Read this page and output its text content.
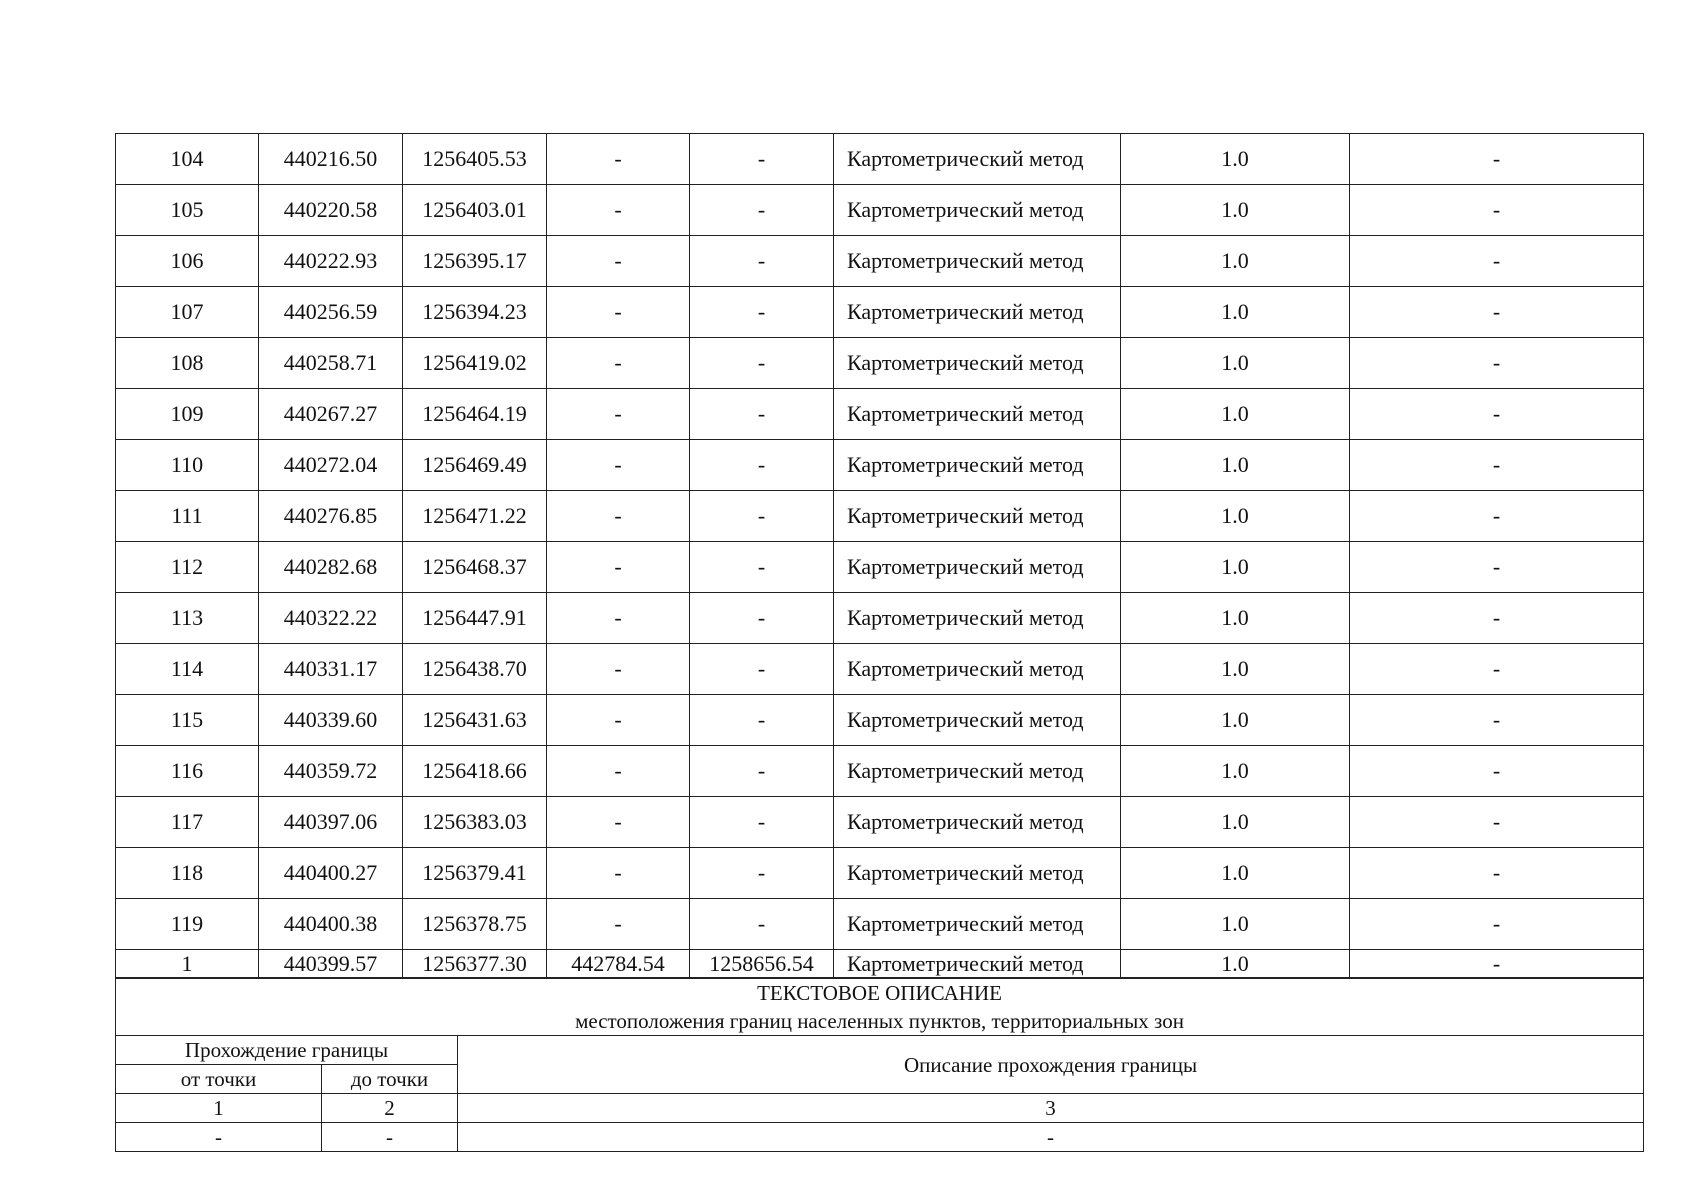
104	440216.50	1256405.53	-	-	Картометрический метод	1.0	-
105	440220.58	1256403.01	-	-	Картометрический метод	1.0	-
106	440222.93	1256395.17	-	-	Картометрический метод	1.0	-
107	440256.59	1256394.23	-	-	Картометрический метод	1.0	-
108	440258.71	1256419.02	-	-	Картометрический метод	1.0	-
109	440267.27	1256464.19	-	-	Картометрический метод	1.0	-
110	440272.04	1256469.49	-	-	Картометрический метод	1.0	-
111	440276.85	1256471.22	-	-	Картометрический метод	1.0	-
112	440282.68	1256468.37	-	-	Картометрический метод	1.0	-
113	440322.22	1256447.91	-	-	Картометрический метод	1.0	-
114	440331.17	1256438.70	-	-	Картометрический метод	1.0	-
115	440339.60	1256431.63	-	-	Картометрический метод	1.0	-
116	440359.72	1256418.66	-	-	Картометрический метод	1.0	-
117	440397.06	1256383.03	-	-	Картометрический метод	1.0	-
118	440400.27	1256379.41	-	-	Картометрический метод	1.0	-
119	440400.38	1256378.75	-	-	Картометрический метод	1.0	-
1	440399.57	1256377.30	442784.54	1258656.54	Картометрический метод	1.0	-
ТЕКСТОВОЕ ОПИСАНИЕ
местоположения границ населенных пунктов, территориальных зон		

Прохождение границы		Описание прохождения границы
от точки	до точки	
1	2	3
-	-	-
